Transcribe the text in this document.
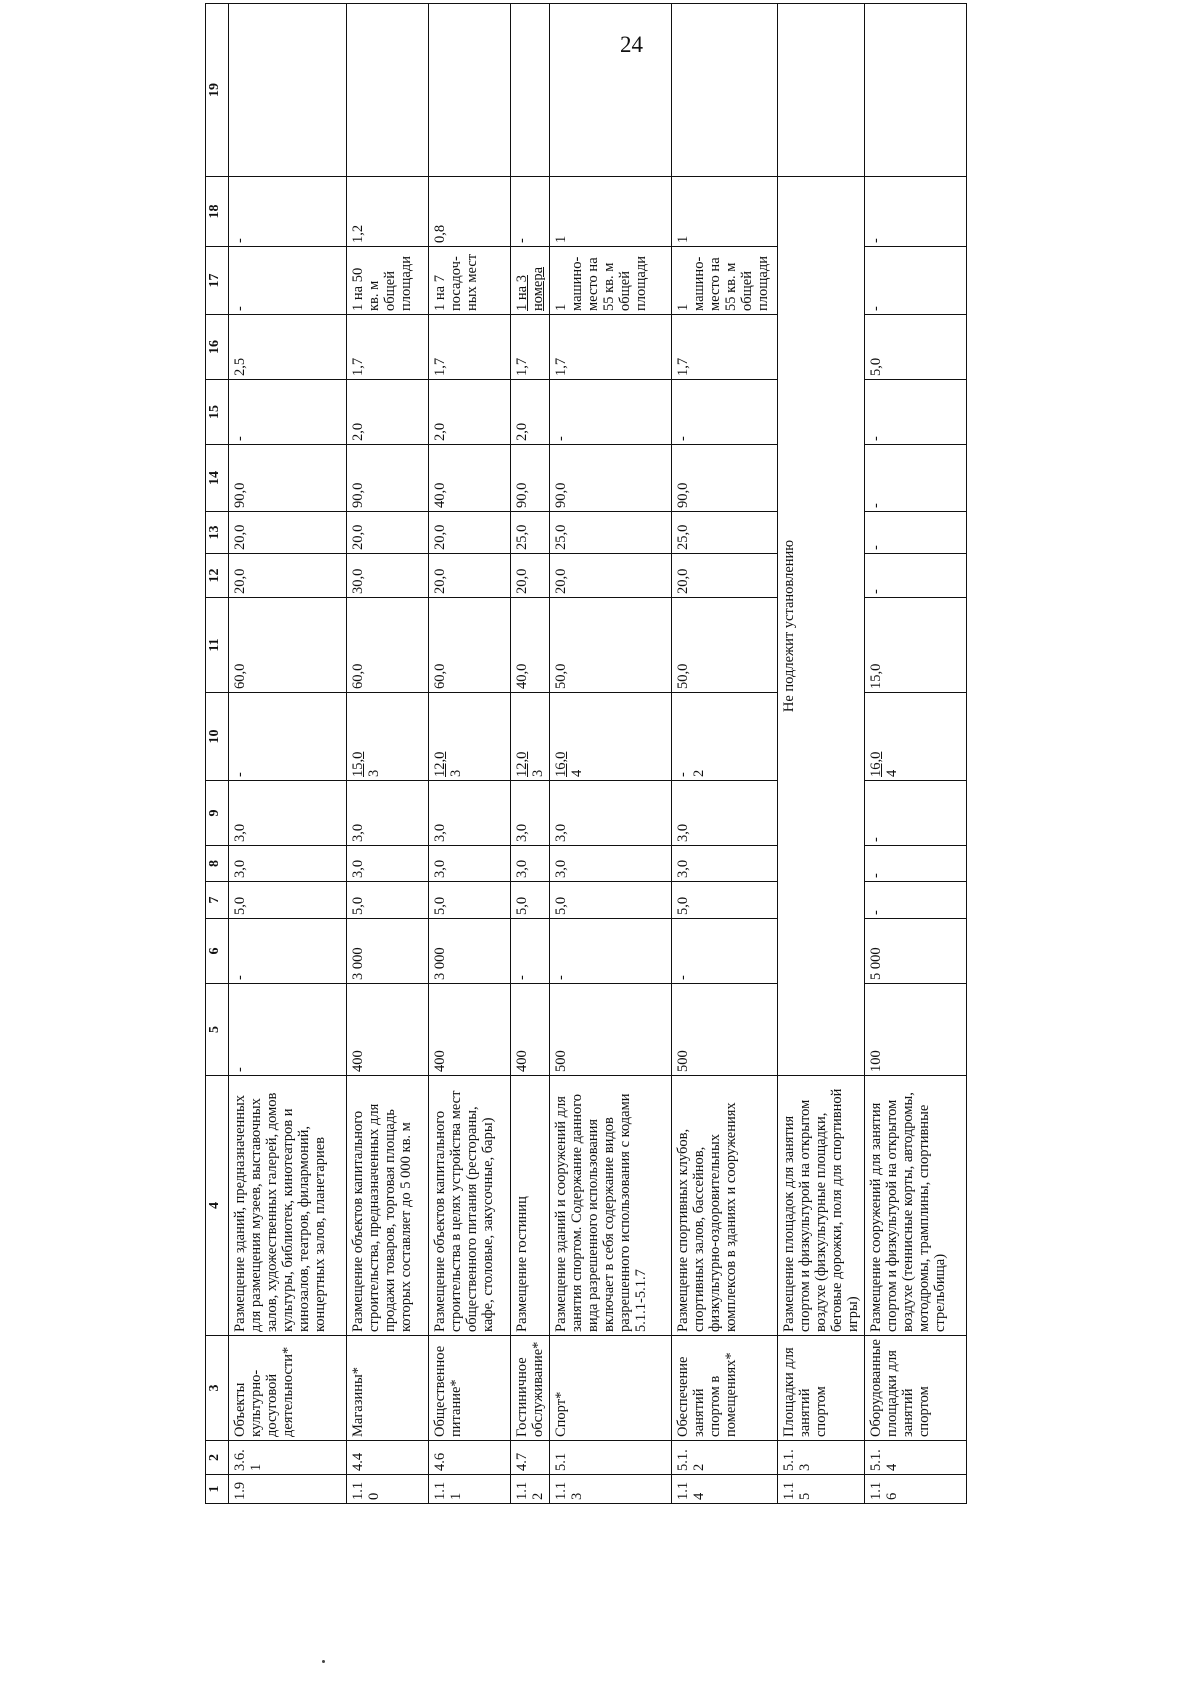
24
1	2	3	4	5	6	7	8	9	10	11	12	13	14	15	16	17	18	19
1.9	3.6.1	Объекты культурно-досуговой деятельности*	Размещение зданий, предназначенных для размещения музеев, выставочных залов, художественных галерей, домов культуры, библиотек, кинотеатров и кинозалов, театров, филармоний, концертных залов, планетариев	-	-	5,0	3,0	3,0	-	60,0	20,0	20,0	90,0	-	2,5	-	-	
1.10	4.4	Магазины*	Размещение объектов капитального строительства, предназначенных для продажи товаров, торговая площадь которых составляет до 5 000 кв. м	400	3 000	5,0	3,0	3,0	15,0 3	60,0	30,0	20,0	90,0	2,0	1,7	1 на 50 кв. м общей площади	1,2	
1.11	4.6	Общественное питание*	Размещение объектов капитального строительства в целях устройства мест общественного питания (рестораны, кафе, столовые, закусочные, бары)	400	3 000	5,0	3,0	3,0	12,0 3	60,0	20,0	20,0	40,0	2,0	1,7	1 на 7 посадоч-ных мест	0,8	
1.12	4.7	Гостиничное обслуживание*	Размещение гостиниц	400	-	5,0	3,0	3,0	12,0 3	40,0	20,0	25,0	90,0	2,0	1,7	1 на 3 номера	-	
1.13	5.1	Спорт*	Размещение зданий и сооружений для занятия спортом. Содержание данного вида разрешенного использования включает в себя содержание видов разрешенного использования с кодами 5.1.1-5.1.7	500	-	5,0	3,0	3,0	16,0 4	50,0	20,0	25,0	90,0	-	1,7	1 машино-место на 55 кв. м общей площади	1	
1.14	5.1.2	Обеспечение занятий спортом в помещениях*	Размещение спортивных клубов, спортивных залов, бассейнов, физкультурно-оздоровительных комплексов в зданиях и сооружениях	500	-	5,0	3,0	3,0	- 2	50,0	20,0	25,0	90,0	-	1,7	1 машино-место на 55 кв. м общей площади	1	
1.15	5.1.3	Площадки для занятий спортом	Размещение площадок для занятия спортом и физкультурой на открытом воздухе (физкультурные площадки, беговые дорожки, поля для спортивной игры)	Не подлежит установлению														
1.16	5.1.4	Оборудованные площадки для занятий спортом	Размещение сооружений для занятия спортом и физкультурой на открытом воздухе (теннисные корты, автодромы, мотодромы, трамплины, спортивные стрельбища)	100	5 000	-	-	-	16,0 4	15,0	-	-	-	-	5,0	-	-	
